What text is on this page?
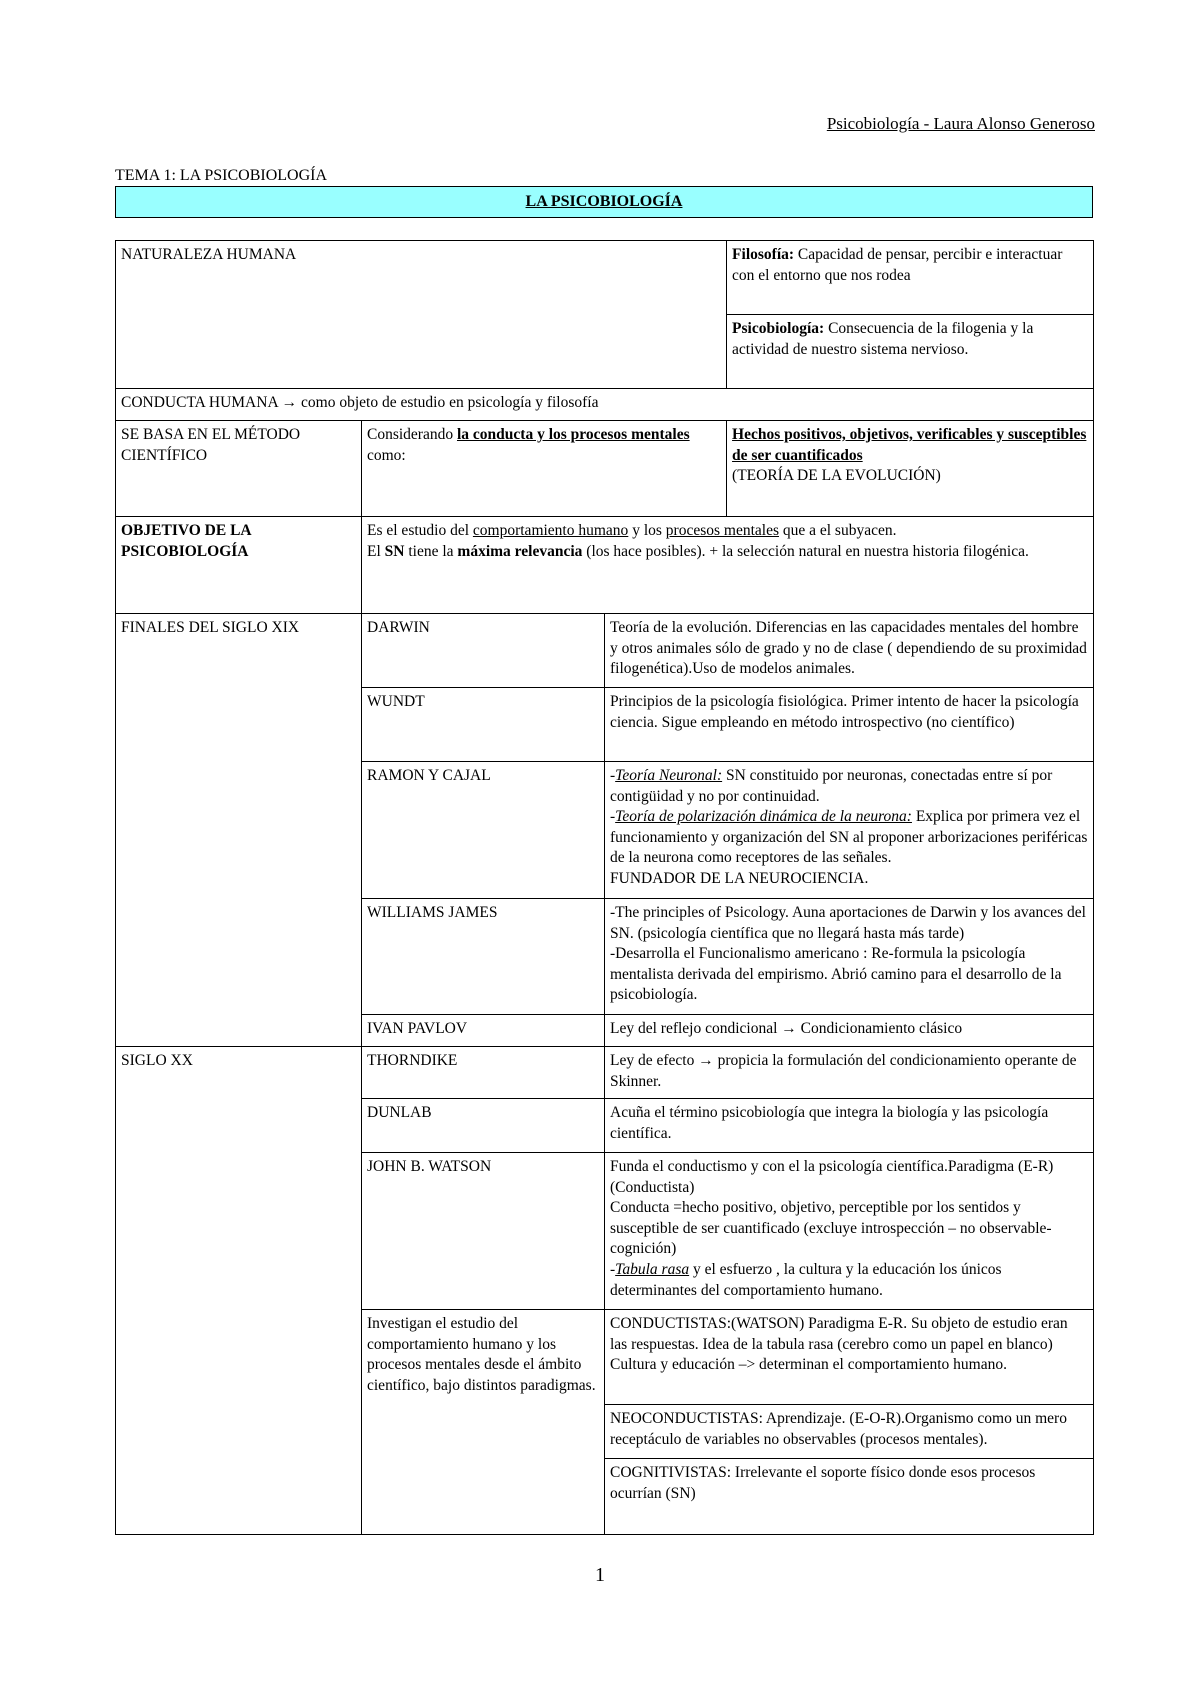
Psicobiología - Laura Alonso Generoso
TEMA 1: LA PSICOBIOLOGÍA
LA PSICOBIOLOGÍA
NATURALEZA HUMANA			Filosofía: Capacidad de pensar, percibir e interactuar con el entorno que nos rodea
			Psicobiología: Consecuencia de la filogenia y la actividad de nuestro sistema nervioso.
CONDUCTA HUMANA → como objeto de estudio en psicología y filosofía			
SE BASA EN EL MÉTODO CIENTÍFICO	Considerando la conducta y los procesos mentales como:		Hechos positivos, objetivos, verificables y susceptibles de ser cuantificados
(TEORÍA DE LA EVOLUCIÓN)
OBJETIVO DE LA PSICOBIOLOGÍA	Es el estudio del comportamiento humano y los procesos mentales que a el subyacen.

El SN tiene la máxima relevancia (los hace posibles). + la selección natural en nuestra historia filogénica.		

FINALES DEL SIGLO XIX	DARWIN	Teoría de la evolución. Diferencias en las capacidades mentales del hombre y otros animales sólo de grado y no de clase ( dependiendo de su proximidad filogenética).Uso de modelos animales.	
	WUNDT	Principios de la psicología fisiológica. Primer intento de hacer la psicología ciencia. Sigue empleando en método introspectivo (no científico)	
	RAMON Y CAJAL	-Teoría Neuronal: SN constituido por neuronas, conectadas entre sí por contigüidad y no por continuidad.

-Teoría de polarización dinámica de la neurona: Explica por primera vez el funcionamiento y organización del SN al proponer arborizaciones periféricas de la neurona como receptores de las señales.

FUNDADOR DE LA NEUROCIENCIA.	

	WILLIAMS JAMES	-The principles of Psicology. Auna aportaciones de Darwin y los avances del SN. (psicología científica que no llegará hasta más tarde)

-Desarrolla el Funcionalismo americano : Re-formula la psicología mentalista derivada del empirismo. Abrió camino para el desarrollo de la psicobiología.	

	IVAN PAVLOV	Ley del reflejo condicional → Condicionamiento clásico	
SIGLO XX	THORNDIKE	Ley de efecto → propicia la formulación del condicionamiento operante de Skinner.	
	DUNLAB	Acuña el término psicobiología que integra la biología y las psicología científica.	
	JOHN B. WATSON	Funda el conductismo y con el la psicología científica.Paradigma (E-R) (Conductista)

Conducta =hecho positivo, objetivo, perceptible por los sentidos y susceptible de ser cuantificado (excluye introspección – no observable- cognición)

-Tabula rasa y el esfuerzo , la cultura y la educación los únicos determinantes del comportamiento humano.	

	Investigan el estudio del comportamiento humano y los procesos mentales desde el ámbito científico, bajo distintos paradigmas.	CONDUCTISTAS:(WATSON) Paradigma E-R. Su objeto de estudio eran las respuestas. Idea de la tabula rasa (cerebro como un papel en blanco)

Cultura y educación –> determinan el comportamiento humano.	

		NEOCONDUCTISTAS: Aprendizaje. (E-O-R).Organismo como un mero receptáculo de variables no observables (procesos mentales).	
		COGNITIVISTAS: Irrelevante el soporte físico donde esos procesos ocurrían (SN)	
1
